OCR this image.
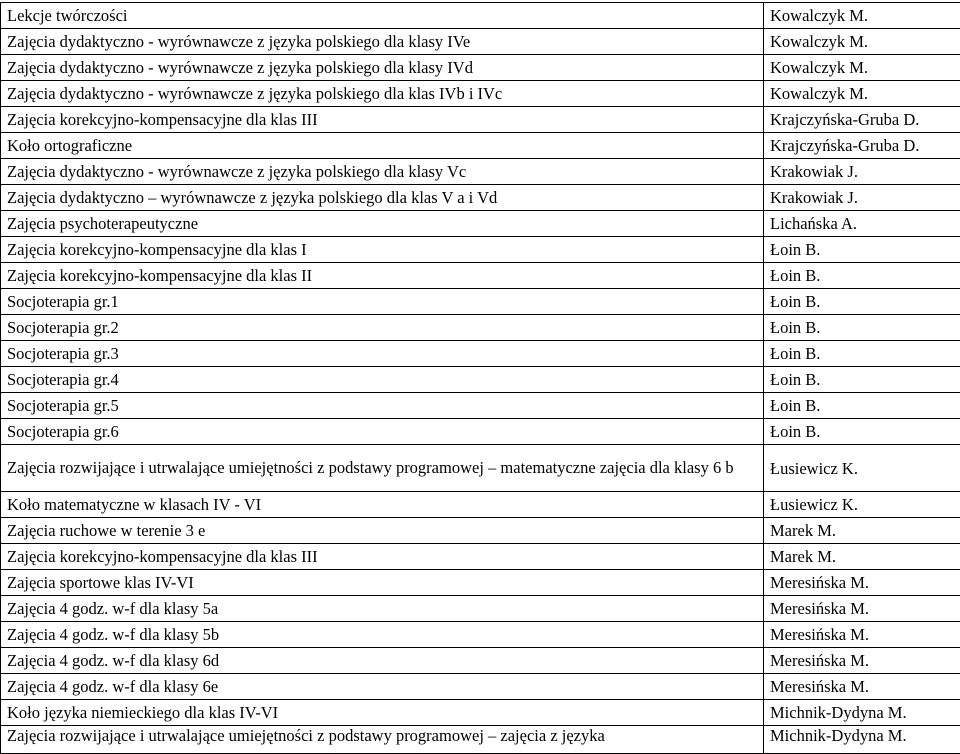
Lekcje twórczości	Kowalczyk M.
Zajęcia dydaktyczno - wyrównawcze z języka polskiego dla klasy IVe	Kowalczyk M.
Zajęcia dydaktyczno - wyrównawcze z języka polskiego dla klasy IVd	Kowalczyk M.
Zajęcia dydaktyczno - wyrównawcze z języka polskiego dla klas IVb i IVc	Kowalczyk M.
Zajęcia korekcyjno-kompensacyjne dla klas III	Krajczyńska-Gruba D.
Koło ortograficzne	Krajczyńska-Gruba D.
Zajęcia dydaktyczno - wyrównawcze z języka polskiego dla klasy Vc	Krakowiak J.
Zajęcia dydaktyczno – wyrównawcze z języka polskiego dla klas V a i Vd	Krakowiak J.
Zajęcia psychoterapeutyczne	Lichańska A.
Zajęcia korekcyjno-kompensacyjne dla klas I	Łoin B.
Zajęcia korekcyjno-kompensacyjne dla klas II	Łoin B.
Socjoterapia gr.1	Łoin B.
Socjoterapia gr.2	Łoin B.
Socjoterapia gr.3	Łoin B.
Socjoterapia gr.4	Łoin B.
Socjoterapia gr.5	Łoin B.
Socjoterapia gr.6	Łoin B.
Zajęcia rozwijające i utrwalające umiejętności z podstawy programowej – matematyczne zajęcia dla klasy 6 b	Łusiewicz K.
Koło matematyczne w klasach IV - VI	Łusiewicz K.
Zajęcia ruchowe w terenie 3 e	Marek M.
Zajęcia korekcyjno-kompensacyjne dla klas III	Marek M.
Zajęcia sportowe klas IV-VI	Meresińska M.
Zajęcia 4 godz. w-f dla klasy 5a	Meresińska M.
Zajęcia 4 godz. w-f dla klasy 5b	Meresińska M.
Zajęcia 4 godz. w-f dla klasy 6d	Meresińska M.
Zajęcia 4 godz. w-f dla klasy 6e	Meresińska M.
Koło języka niemieckiego dla klas IV-VI	Michnik-Dydyna M.
Zajęcia rozwijające i utrwalające umiejętności z podstawy programowej – zajęcia z języka	Michnik-Dydyna M.
